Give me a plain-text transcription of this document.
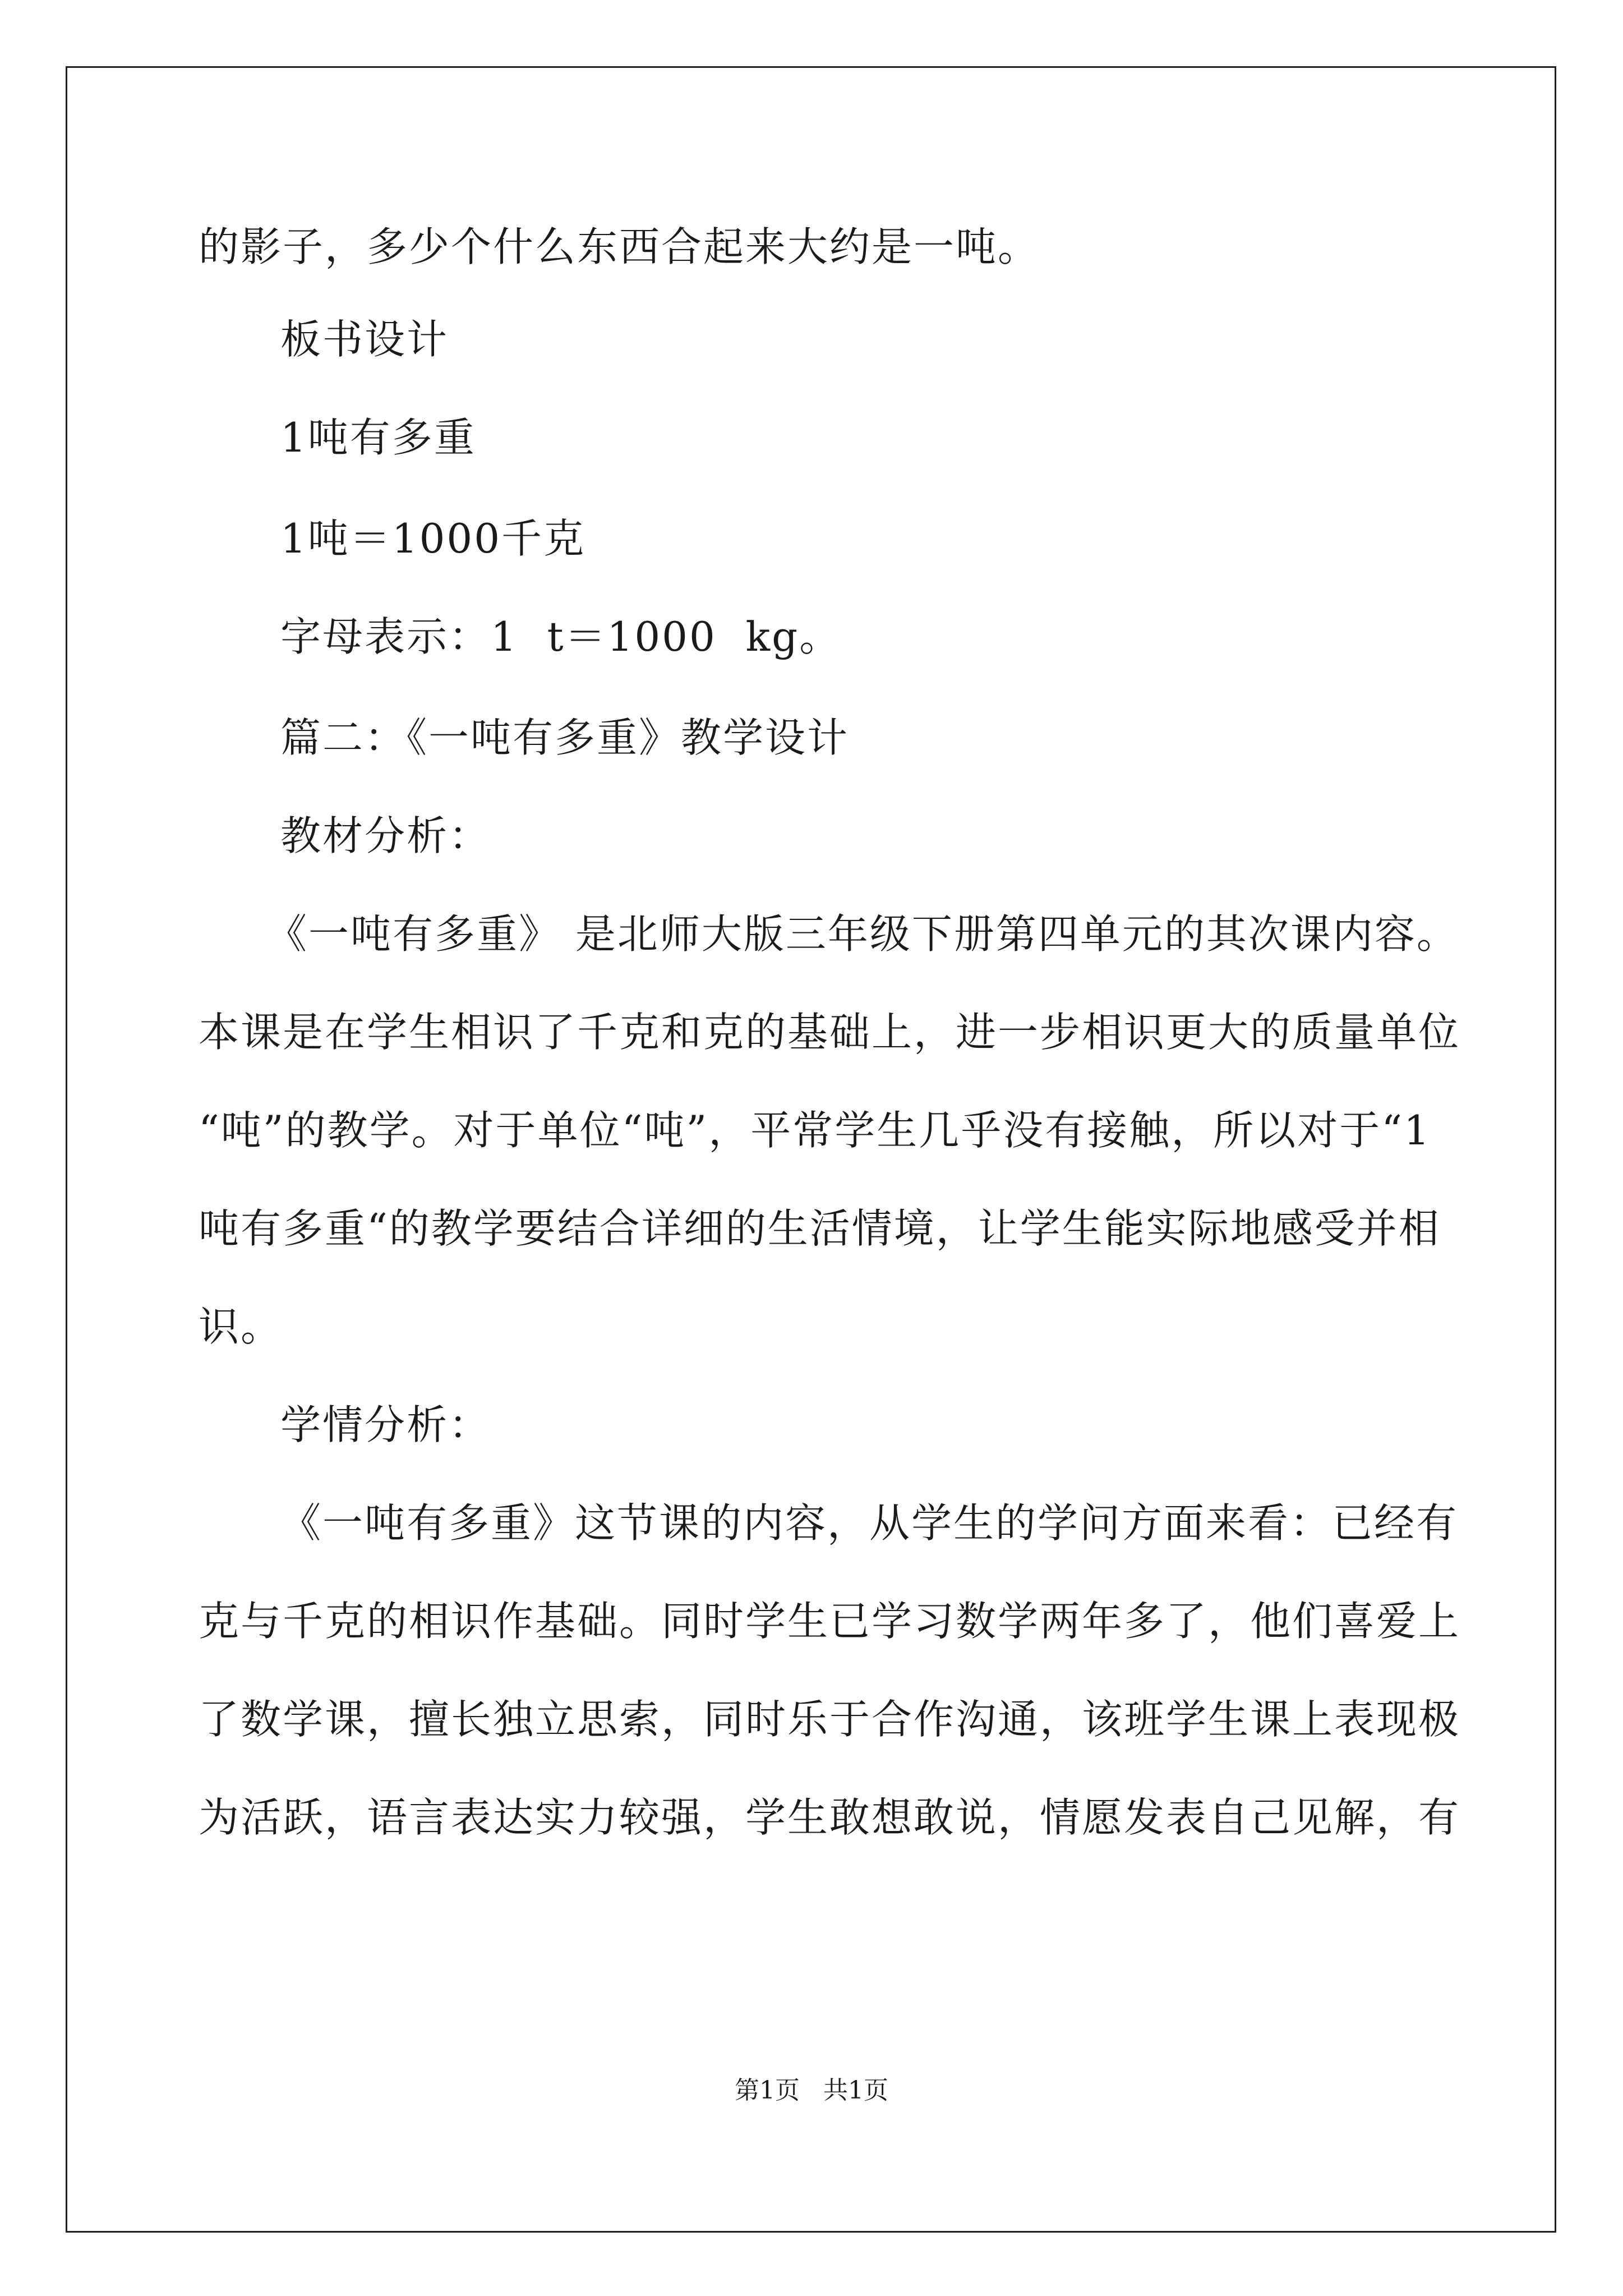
的影子，多少个什么东西合起来大约是一吨。
板书设计
1吨有多重
1吨＝1000千克
字母表示：1  t＝1000  kg。
篇二：《一吨有多重》教学设计
教材分析：
《一吨有多重》 是北师大版三年级下册第四单元的其次课内容。
本课是在学生相识了千克和克的基础上，进一步相识更大的质量单位
“吨”的教学。对于单位“吨”，平常学生几乎没有接触，所以对于“1
吨有多重“的教学要结合详细的生活情境，让学生能实际地感受并相
识。
学情分析：
《一吨有多重》这节课的内容，从学生的学问方面来看：已经有
克与千克的相识作基础。同时学生已学习数学两年多了，他们喜爱上
了数学课，擅长独立思索，同时乐于合作沟通，该班学生课上表现极
为活跃，语言表达实力较强，学生敢想敢说，情愿发表自己见解，有
第1页   共1页
